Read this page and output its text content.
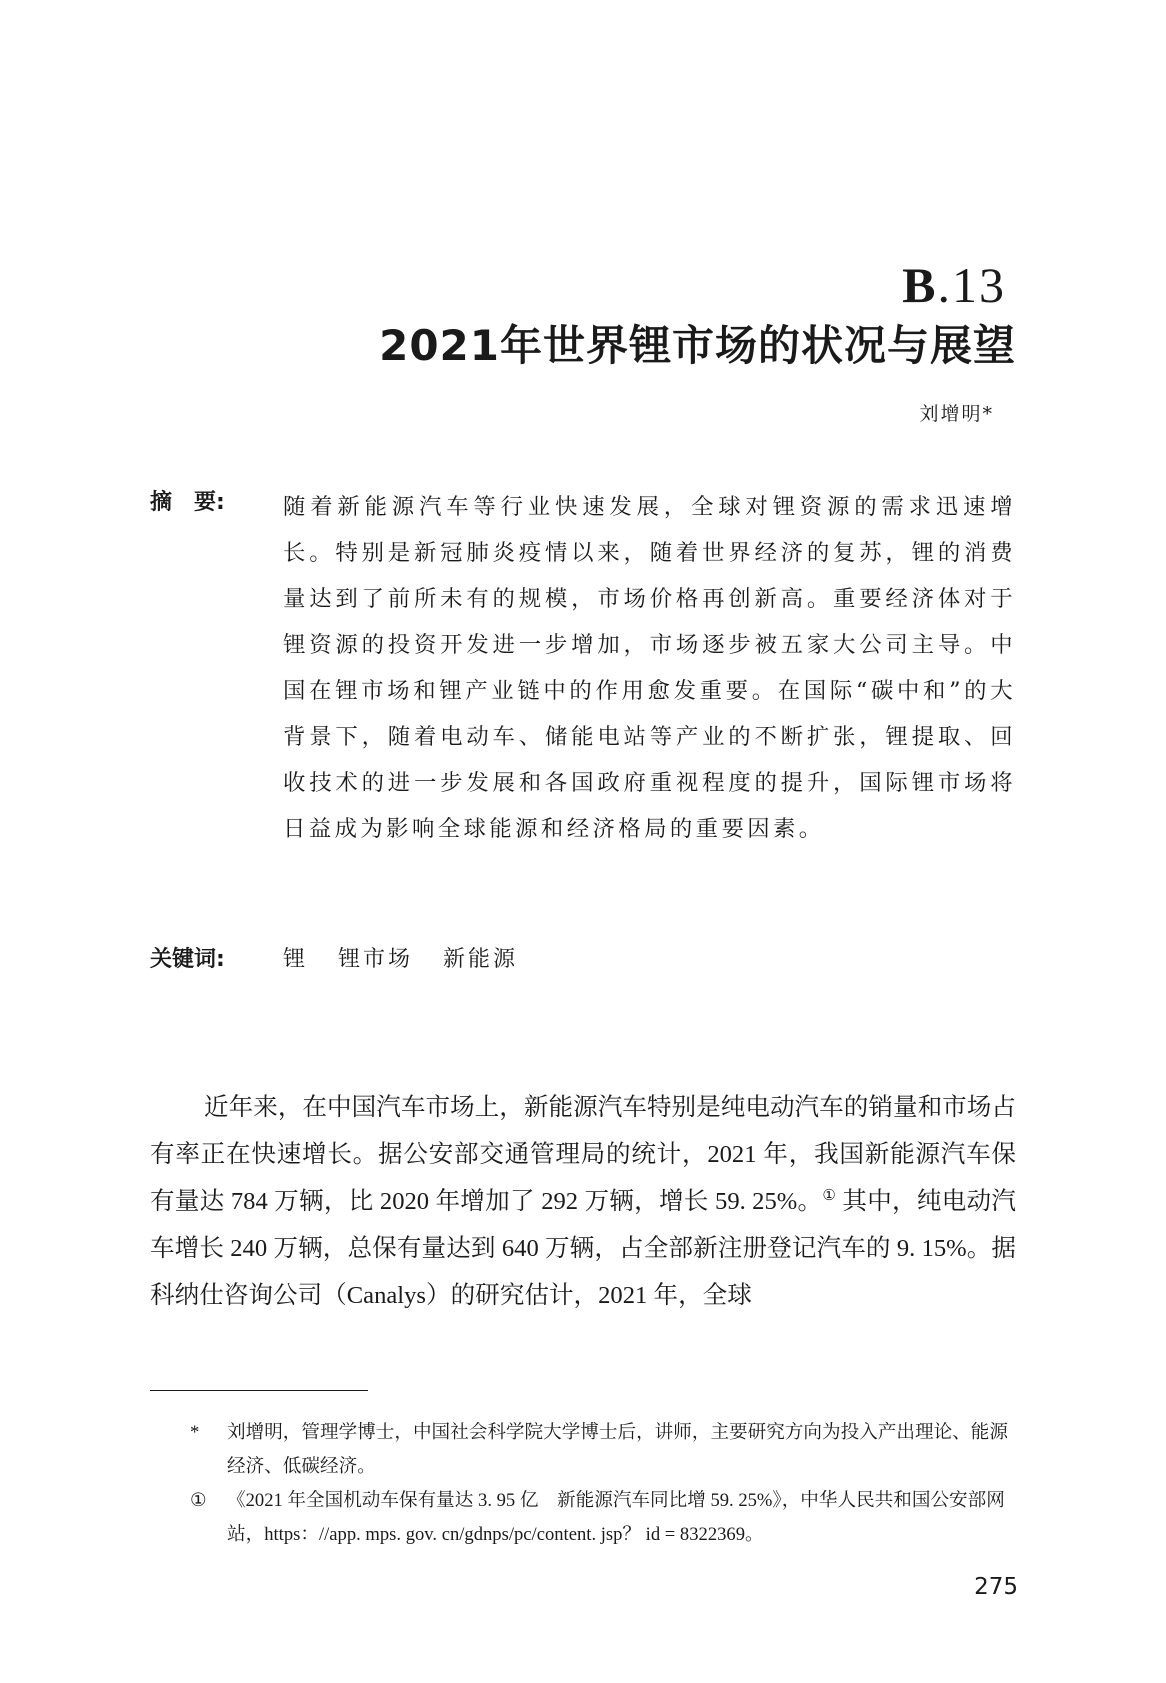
B.13
2021年世界锂市场的状况与展望
刘增明*
摘　要:	随着新能源汽车等行业快速发展，全球对锂资源的需求迅速增长。特别是新冠肺炎疫情以来，随着世界经济的复苏，锂的消费量达到了前所未有的规模，市场价格再创新高。重要经济体对于锂资源的投资开发进一步增加，市场逐步被五家大公司主导。中国在锂市场和锂产业链中的作用愈发重要。在国际“碳中和”的大背景下，随着电动车、储能电站等产业的不断扩张，锂提取、回收技术的进一步发展和各国政府重视程度的提升，国际锂市场将日益成为影响全球能源和经济格局的重要因素。
关键词:	锂 锂市场 新能源
近年来，在中国汽车市场上，新能源汽车特别是纯电动汽车的销量和市场占有率正在快速增长。据公安部交通管理局的统计，2021 年，我国新能源汽车保有量达 784 万辆，比 2020 年增加了 292 万辆，增长 59. 25%。① 其中，纯电动汽车增长 240 万辆，总保有量达到 640 万辆，占全部新注册登记汽车的 9. 15%。据科纳仕咨询公司（Canalys）的研究估计，2021 年，全球
* 刘增明，管理学博士，中国社会科学院大学博士后，讲师，主要研究方向为投入产出理论、能源经济、低碳经济。
① 《2021 年全国机动车保有量达 3. 95 亿　新能源汽车同比增 59. 25%》，中华人民共和国公安部网站，https：//app. mps. gov. cn/gdnps/pc/content. jsp？ id = 8322369。
275
